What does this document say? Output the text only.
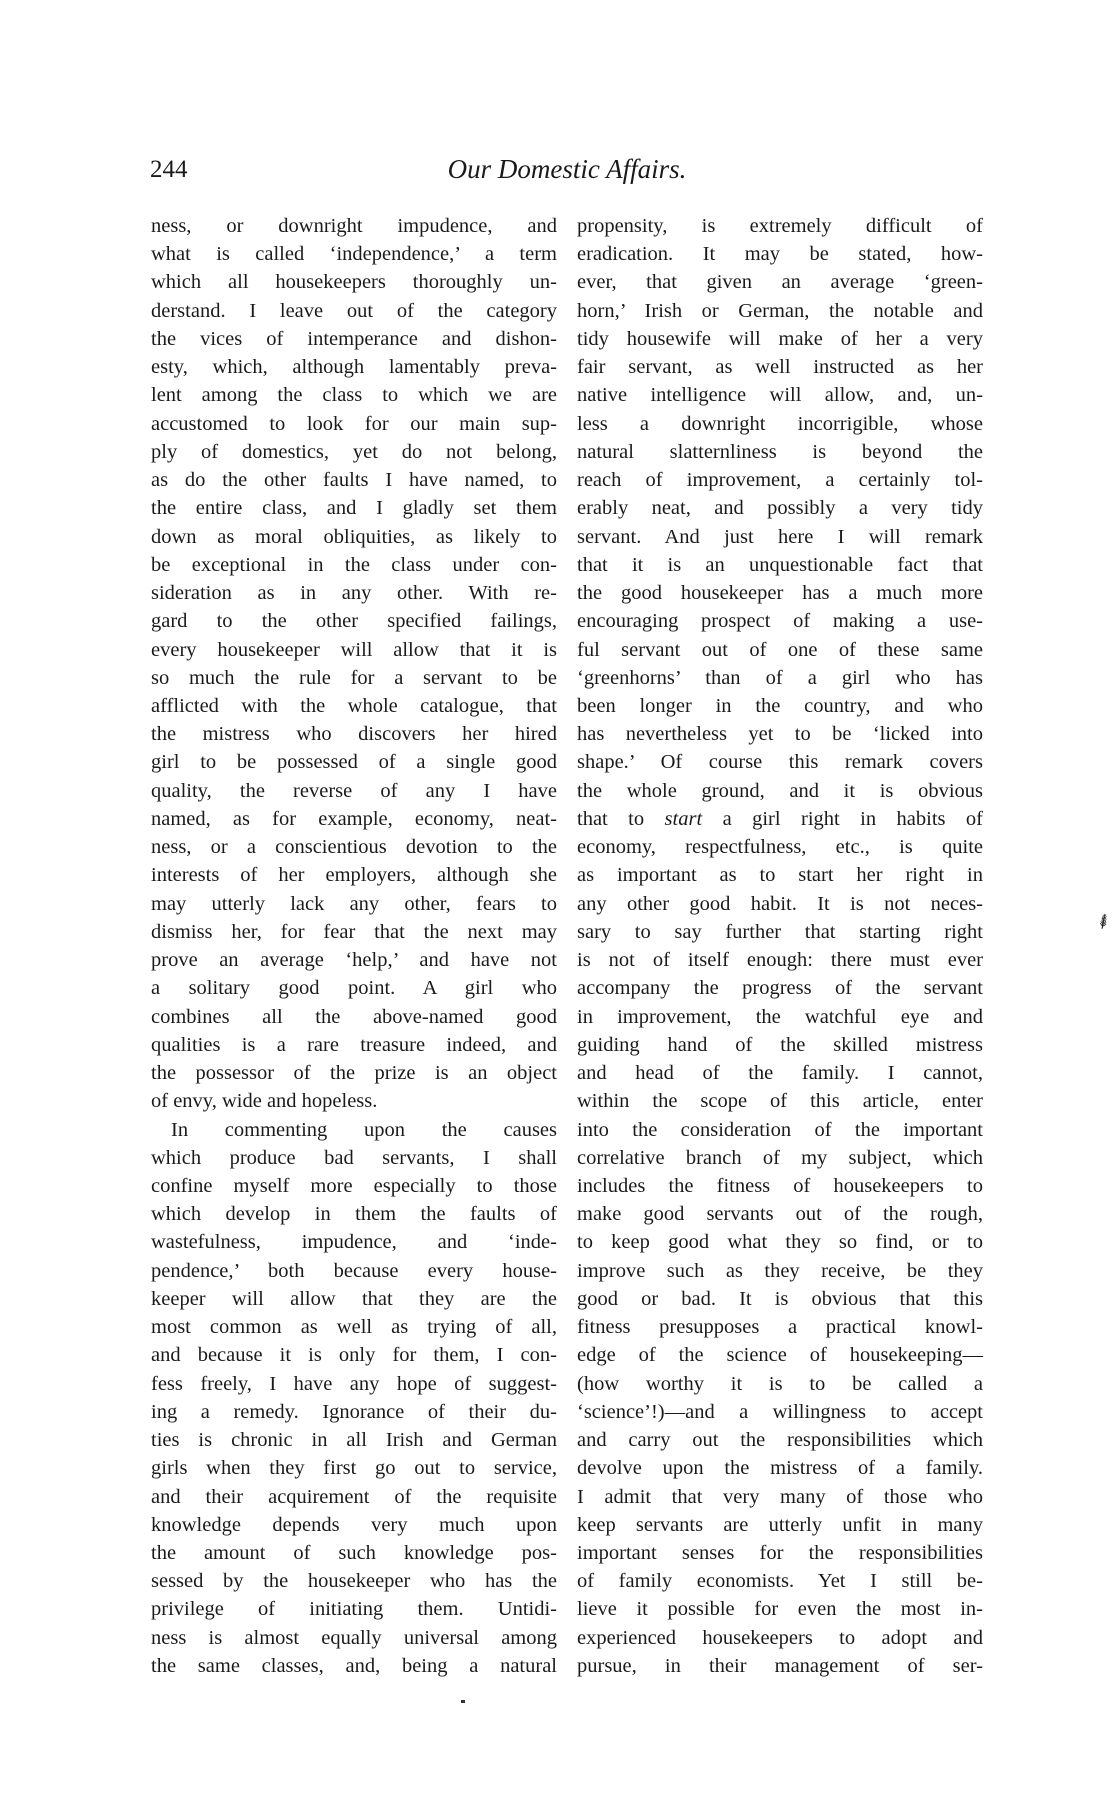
244	Our Domestic Affairs.
ness, or downright impudence, and
what is called ‘independence,’ a term
which all housekeepers thoroughly un-
derstand. I leave out of the category
the vices of intemperance and dishon-
esty, which, although lamentably preva-
lent among the class to which we are
accustomed to look for our main sup-
ply of domestics, yet do not belong,
as do the other faults I have named, to
the entire class, and I gladly set them
down as moral obliquities, as likely to
be exceptional in the class under con-
sideration as in any other. With re-
gard to the other specified failings,
every housekeeper will allow that it is
so much the rule for a servant to be
afflicted with the whole catalogue, that
the mistress who discovers her hired
girl to be possessed of a single good
quality, the reverse of any I have
named, as for example, economy, neat-
ness, or a conscientious devotion to the
interests of her employers, although she
may utterly lack any other, fears to
dismiss her, for fear that the next may
prove an average ‘help,’ and have not
a solitary good point. A girl who
combines all the above-named good
qualities is a rare treasure indeed, and
the possessor of the prize is an object
of envy, wide and hopeless.
In commenting upon the causes
which produce bad servants, I shall
confine myself more especially to those
which develop in them the faults of
wastefulness, impudence, and ‘inde-
pendence,’ both because every house-
keeper will allow that they are the
most common as well as trying of all,
and because it is only for them, I con-
fess freely, I have any hope of suggest-
ing a remedy. Ignorance of their du-
ties is chronic in all Irish and German
girls when they first go out to service,
and their acquirement of the requisite
knowledge depends very much upon
the amount of such knowledge pos-
sessed by the housekeeper who has the
privilege of initiating them. Untidi-
ness is almost equally universal among
the same classes, and, being a natural
propensity, is extremely difficult of
eradication. It may be stated, how-
ever, that given an average ‘green-
horn,’ Irish or German, the notable and
tidy housewife will make of her a very
fair servant, as well instructed as her
native intelligence will allow, and, un-
less a downright incorrigible, whose
natural slatternliness is beyond the
reach of improvement, a certainly tol-
erably neat, and possibly a very tidy
servant. And just here I will remark
that it is an unquestionable fact that
the good housekeeper has a much more
encouraging prospect of making a use-
ful servant out of one of these same
‘greenhorns’ than of a girl who has
been longer in the country, and who
has nevertheless yet to be ‘licked into
shape.’ Of course this remark covers
the whole ground, and it is obvious
that to start a girl right in habits of
economy, respectfulness, etc., is quite
as important as to start her right in
any other good habit. It is not neces-
sary to say further that starting right
is not of itself enough: there must ever
accompany the progress of the servant
in improvement, the watchful eye and
guiding hand of the skilled mistress
and head of the family. I cannot,
within the scope of this article, enter
into the consideration of the important
correlative branch of my subject, which
includes the fitness of housekeepers to
make good servants out of the rough,
to keep good what they so find, or to
improve such as they receive, be they
good or bad. It is obvious that this
fitness presupposes a practical knowl-
edge of the science of housekeeping—
(how worthy it is to be called a
‘science’!)—and a willingness to accept
and carry out the responsibilities which
devolve upon the mistress of a family.
I admit that very many of those who
keep servants are utterly unfit in many
important senses for the responsibilities
of family economists. Yet I still be-
lieve it possible for even the most in-
experienced housekeepers to adopt and
pursue, in their management of ser-
⸙
